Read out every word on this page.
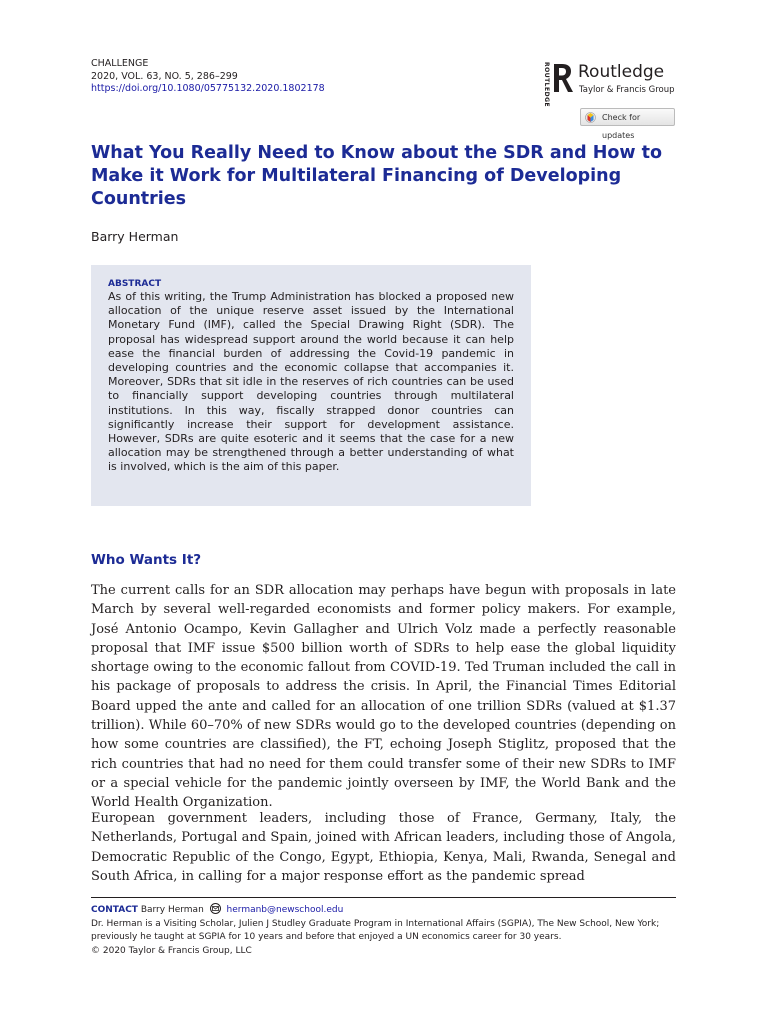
CHALLENGE
2020, VOL. 63, NO. 5, 286–299
https://doi.org/10.1080/05775132.2020.1802178	ROUTLEDGE Routledge
Taylor & Francis Group
Check for updates
What You Really Need to Know about the SDR and How to Make it Work for Multilateral Financing of Developing Countries
Barry Herman
ABSTRACT

As of this writing, the Trump Administration has blocked a proposed new allocation of the unique reserve asset issued by the International Monetary Fund (IMF), called the Special Drawing Right (SDR). The proposal has widespread support around the world because it can help ease the financial burden of addressing the Covid-19 pandemic in developing countries and the economic collapse that accompanies it. Moreover, SDRs that sit idle in the reserves of rich countries can be used to financially support developing countries through multilateral institutions. In this way, fiscally strapped donor countries can significantly increase their support for development assistance. However, SDRs are quite esoteric and it seems that the case for a new allocation may be strengthened through a better understanding of what is involved, which is the aim of this paper.

Who Wants It?

The current calls for an SDR allocation may perhaps have begun with proposals in late March by several well-regarded economists and former policy makers. For example, José Antonio Ocampo, Kevin Gallagher and Ulrich Volz made a perfectly reasonable proposal that IMF issue $500 billion worth of SDRs to help ease the global liquidity shortage owing to the economic fallout from COVID-19. Ted Truman included the call in his package of proposals to address the crisis. In April, the Financial Times Editorial Board upped the ante and called for an allocation of one trillion SDRs (valued at $1.37 trillion). While 60–70% of new SDRs would go to the developed countries (depending on how some countries are classified), the FT, echoing Joseph Stiglitz, proposed that the rich countries that had no need for them could transfer some of their new SDRs to IMF or a special vehicle for the pandemic jointly overseen by IMF, the World Bank and the World Health Organization.

European government leaders, including those of France, Germany, Italy, the Netherlands, Portugal and Spain, joined with African leaders, including those of Angola, Democratic Republic of the Congo, Egypt, Ethiopia, Kenya, Mali, Rwanda, Senegal and South Africa, in calling for a major response effort as the pandemic spread

CONTACT Barry Herman	hermanb@newschool.edu
Dr. Herman is a Visiting Scholar, Julien J Studley Graduate Program in International Affairs (SGPIA), The New School, New York; previously he taught at SGPIA for 10 years and before that enjoyed a UN economics career for 30 years.
© 2020 Taylor & Francis Group, LLC
